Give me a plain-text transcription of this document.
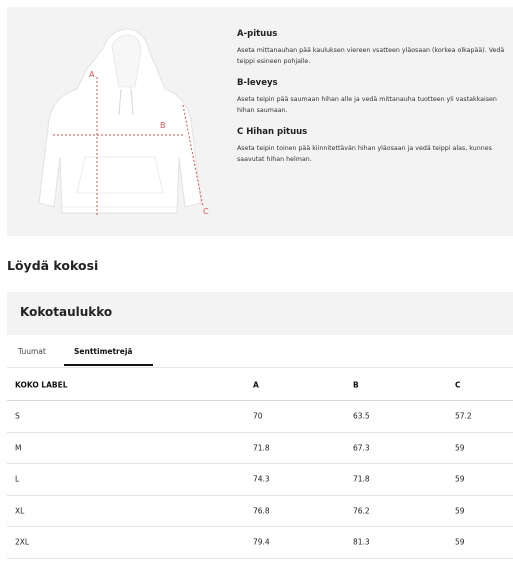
A
B
C
A-pituus
Aseta mittanauhan pää kauluksen viereen vsatteen yläosaan (korkea olkapää). Vedä teippi esineen pohjalle.
B-leveys
Aseta teipin pää saumaan hihan alle ja vedä mittanauha tuotteen yli vastakkaisen hihan saumaan.
C Hihan pituus
Aseta teipin toinen pää kiinnitettävän hihan yläosaan ja vedä teippi alas, kunnes saavutat hihan helman.
Löydä kokosi
Kokotaulukko
Tuumat	Senttimetrejä
KOKO LABEL	A	B	C
S	70	63.5	57.2
M	71.8	67.3	59
L	74.3	71.8	59
XL	76.8	76.2	59
2XL	79.4	81.3	59
